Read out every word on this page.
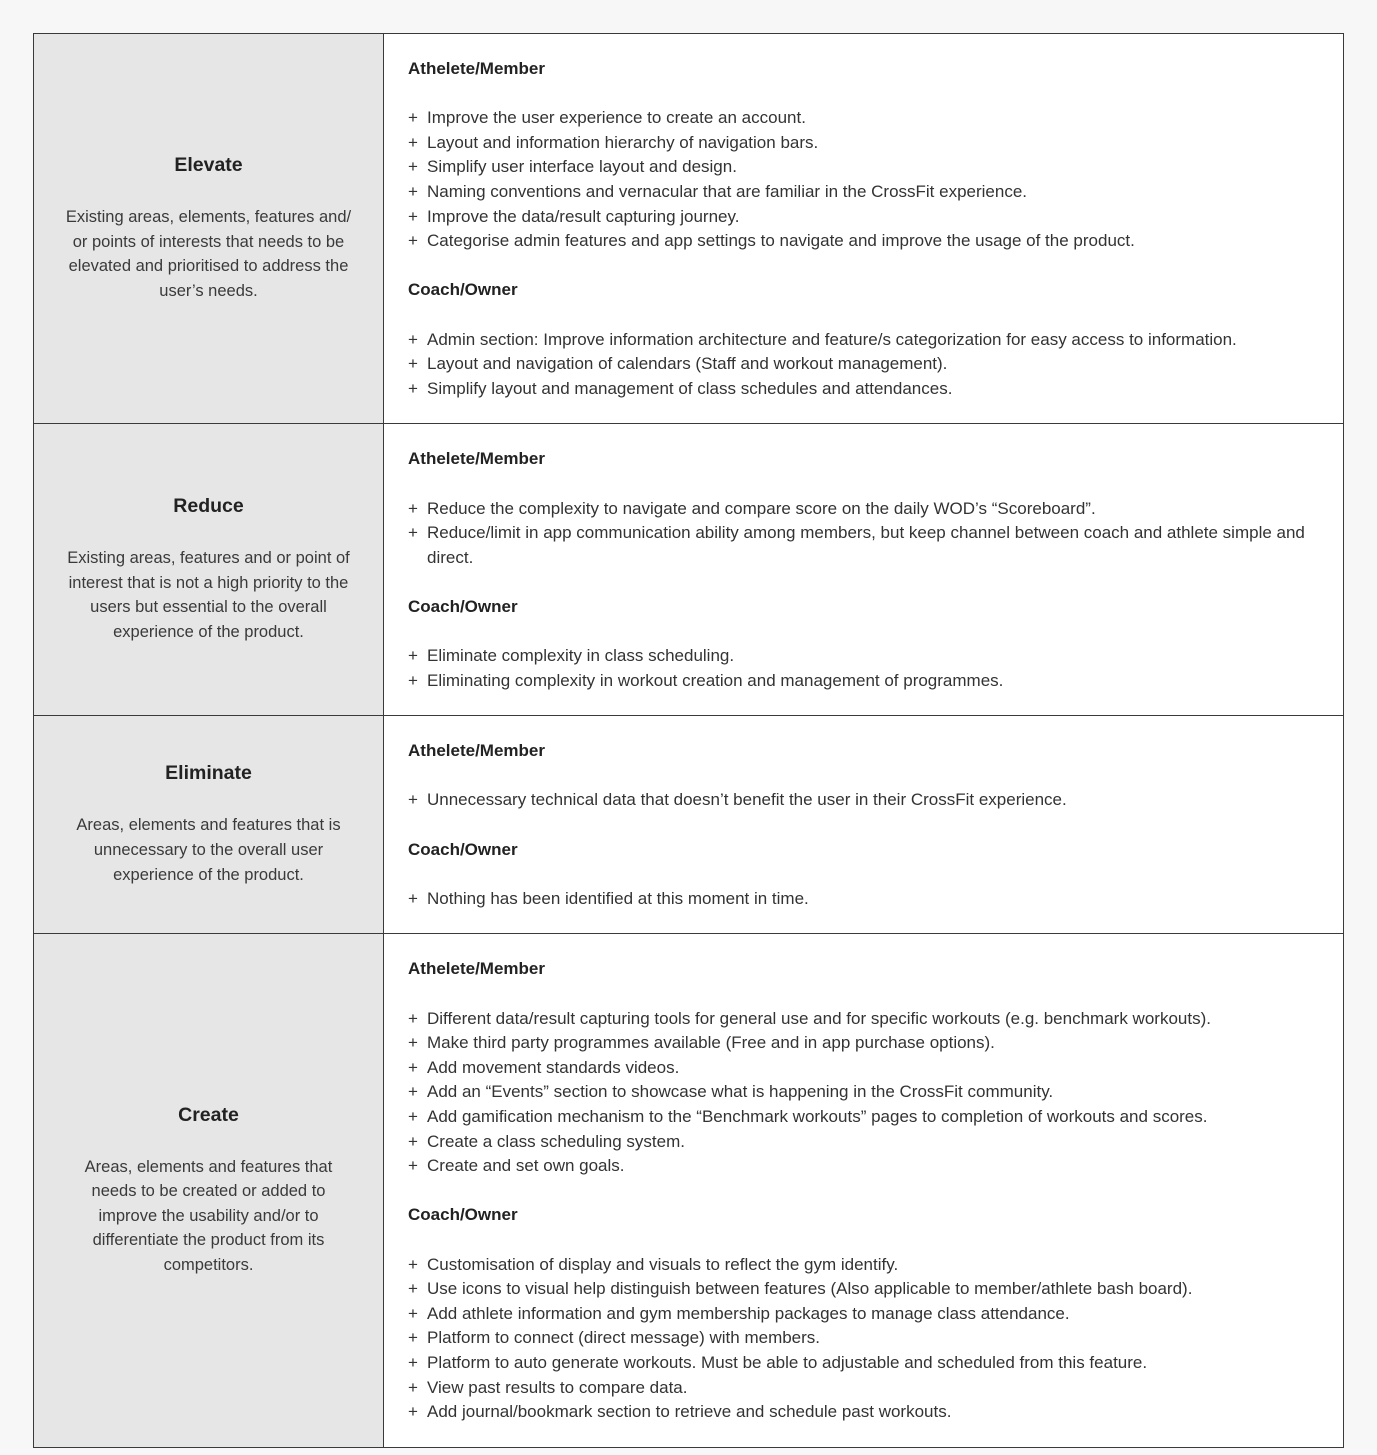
Elevate
Existing areas, elements, features and/ or points of interests that needs to be elevated and prioritised to address the user’s needs.
Athelete/Member
+ Improve the user experience to create an account.
+ Layout and information hierarchy of navigation bars.
+ Simplify user interface layout and design.
+ Naming conventions and vernacular that are familiar in the CrossFit experience.
+ Improve the data/result capturing journey.
+ Categorise admin features and app settings to navigate and improve the usage of the product.
Coach/Owner
+ Admin section: Improve information architecture and feature/s categorization for easy access to information.
+ Layout and navigation of calendars (Staff and workout management).
+ Simplify layout and management of class schedules and attendances.
Reduce
Existing areas, features and or point of interest that is not a high priority to the users but essential to the overall experience of the product.
Athelete/Member
+ Reduce the complexity to navigate and compare score on the daily WOD’s “Scoreboard”.
+ Reduce/limit in app communication ability among members, but keep channel between coach and athlete simple and direct.
Coach/Owner
+ Eliminate complexity in class scheduling.
+ Eliminating complexity in workout creation and management of programmes.
Eliminate
Areas, elements and features that is unnecessary to the overall user experience of the product.
Athelete/Member
+ Unnecessary technical data that doesn’t benefit the user in their CrossFit experience.
Coach/Owner
+ Nothing has been identified at this moment in time.
Create
Areas, elements and features that needs to be created or added to improve the usability and/or to differentiate the product from its competitors.
Athelete/Member
+ Different data/result capturing tools for general use and for specific workouts (e.g. benchmark workouts).
+ Make third party programmes available (Free and in app purchase options).
+ Add movement standards videos.
+ Add an “Events” section to showcase what is happening in the CrossFit community.
+ Add gamification mechanism to the “Benchmark workouts” pages to completion of workouts and scores.
+ Create a class scheduling system.
+ Create and set own goals.
Coach/Owner
+ Customisation of display and visuals to reflect the gym identify.
+ Use icons to visual help distinguish between features (Also applicable to member/athlete bash board).
+ Add athlete information and gym membership packages to manage class attendance.
+ Platform to connect (direct message) with members.
+ Platform to auto generate workouts. Must be able to adjustable and scheduled from this feature.
+ View past results to compare data.
+ Add journal/bookmark section to retrieve and schedule past workouts.
